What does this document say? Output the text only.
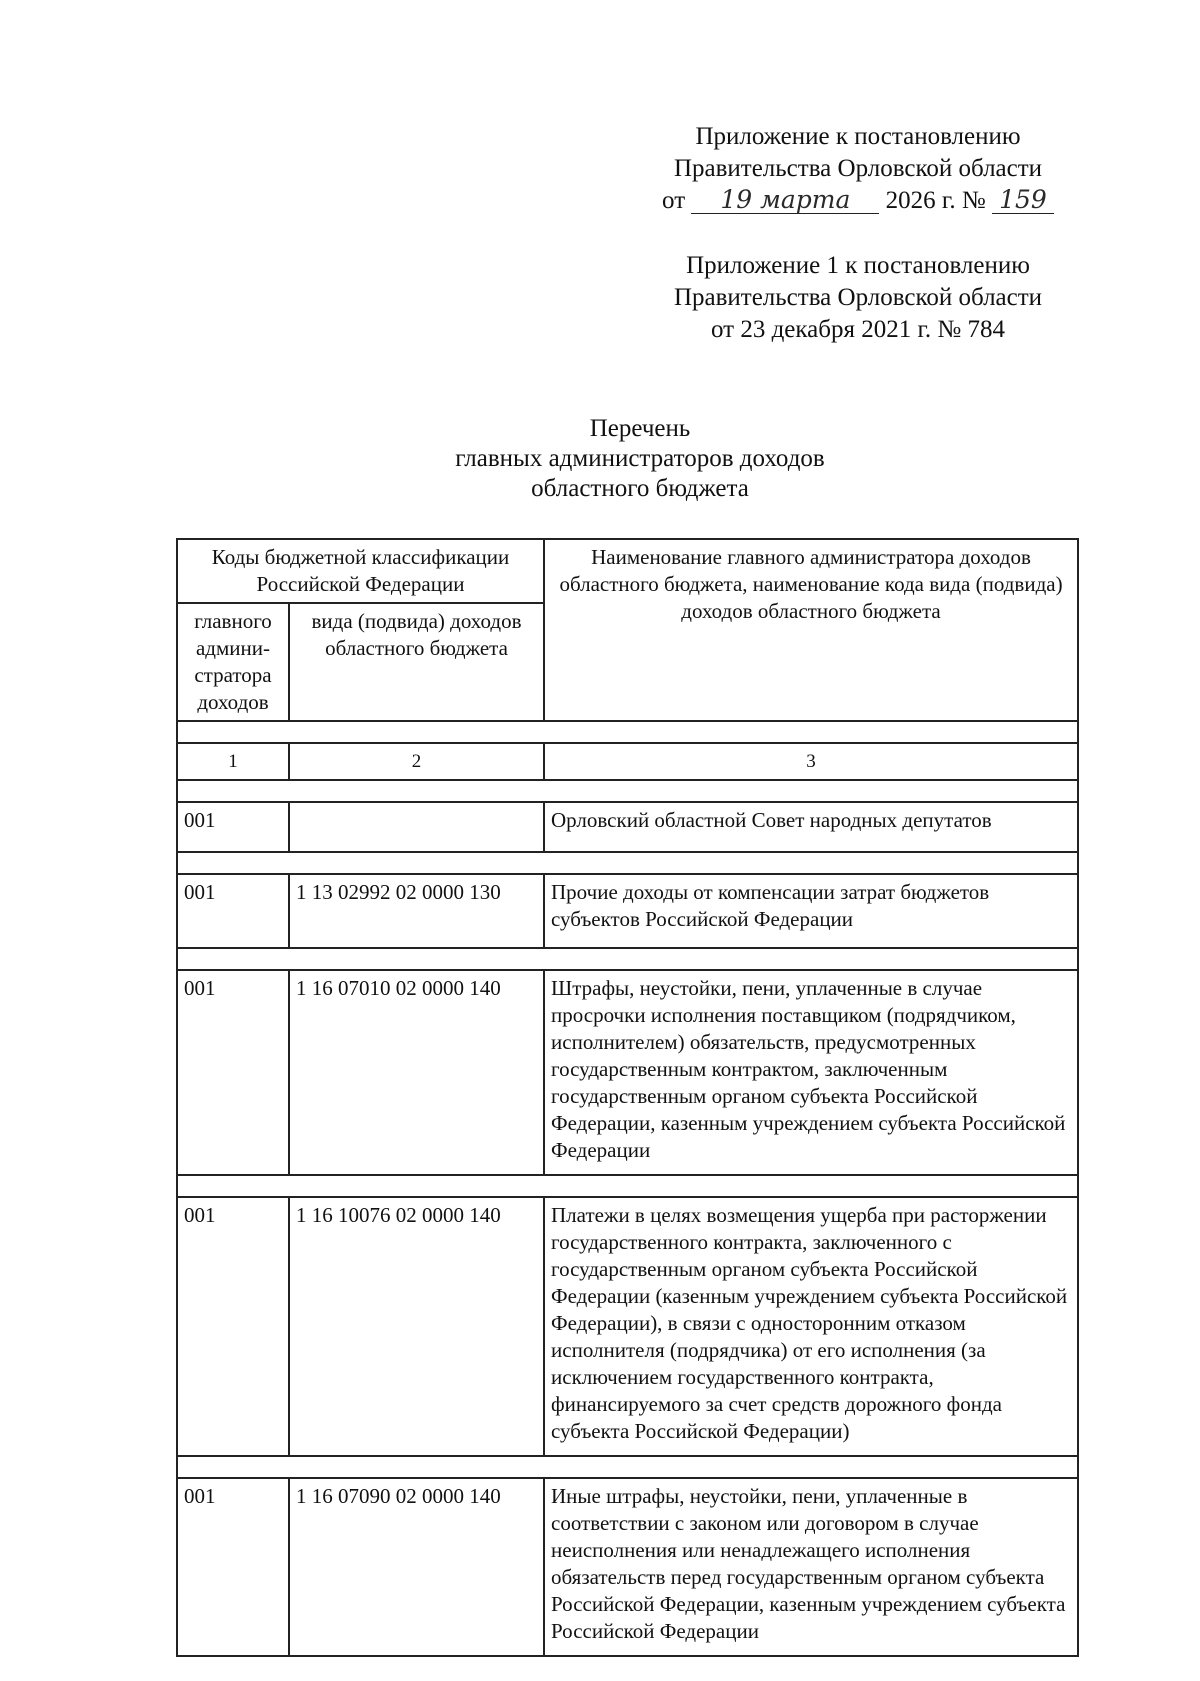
Приложение к постановлению
Правительства Орловской области
от 19 марта 2026 г. № 159
Приложение 1 к постановлению
Правительства Орловской области
от 23 декабря 2021 г. № 784
Перечень
главных администраторов доходов
областного бюджета
Коды бюджетной классификации Российской Федерации		Наименование главного администратора доходов областного бюджета, наименование кода вида (подвида) доходов областного бюджета
главного админи-стратора доходов	вида (подвида) доходов областного бюджета	

1	2	3

001		Орловский областной Совет народных депутатов

001	1 13 02992 02 0000 130	Прочие доходы от компенсации затрат бюджетов субъектов Российской Федерации

001	1 16 07010 02 0000 140	Штрафы, неустойки, пени, уплаченные в случае просрочки исполнения поставщиком (подрядчиком, исполнителем) обязательств, предусмотренных государственным контрактом, заключенным государственным органом субъекта Российской Федерации, казенным учреждением субъекта Российской Федерации

001	1 16 10076 02 0000 140	Платежи в целях возмещения ущерба при расторжении государственного контракта, заключенного с государственным органом субъекта Российской Федерации (казенным учреждением субъекта Российской Федерации), в связи с односторонним отказом исполнителя (подрядчика) от его исполнения (за исключением государственного контракта, финансируемого за счет средств дорожного фонда субъекта Российской Федерации)

001	1 16 07090 02 0000 140	Иные штрафы, неустойки, пени, уплаченные в соответствии с законом или договором в случае неисполнения или ненадлежащего исполнения обязательств перед государственным органом субъекта Российской Федерации, казенным учреждением субъекта Российской Федерации
